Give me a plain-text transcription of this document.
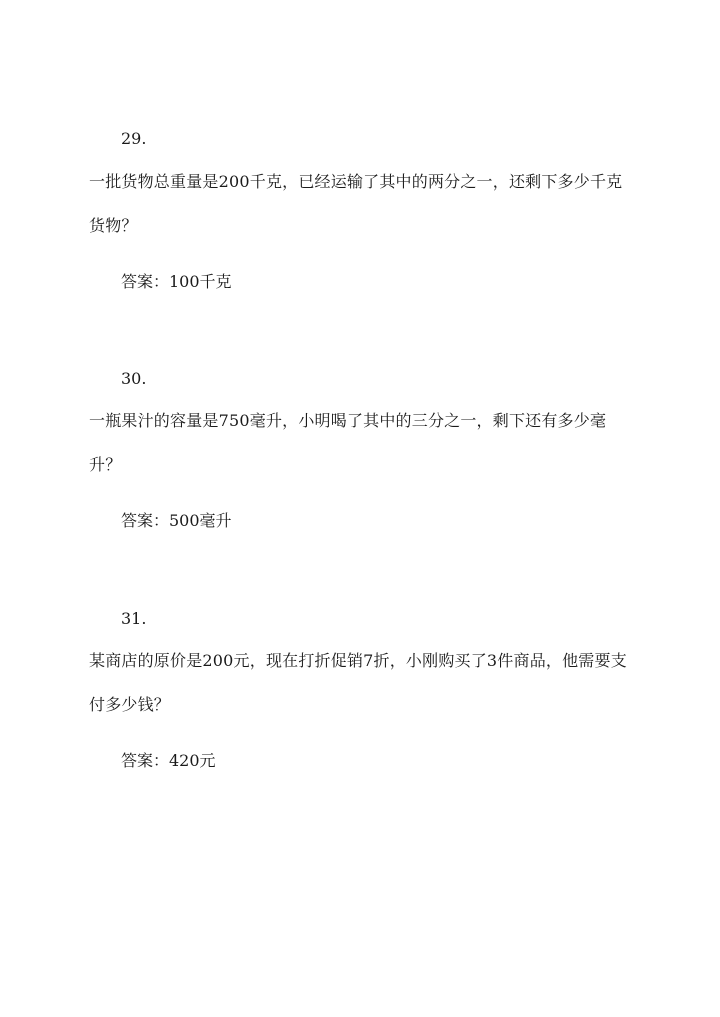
29.
一批货物总重量是200千克，已经运输了其中的两分之一，还剩下多少千克货物？
答案：100千克
30.
一瓶果汁的容量是750毫升，小明喝了其中的三分之一，剩下还有多少毫升？
答案：500毫升
31.
某商店的原价是200元，现在打折促销7折，小刚购买了3件商品，他需要支付多少钱？
答案：420元
